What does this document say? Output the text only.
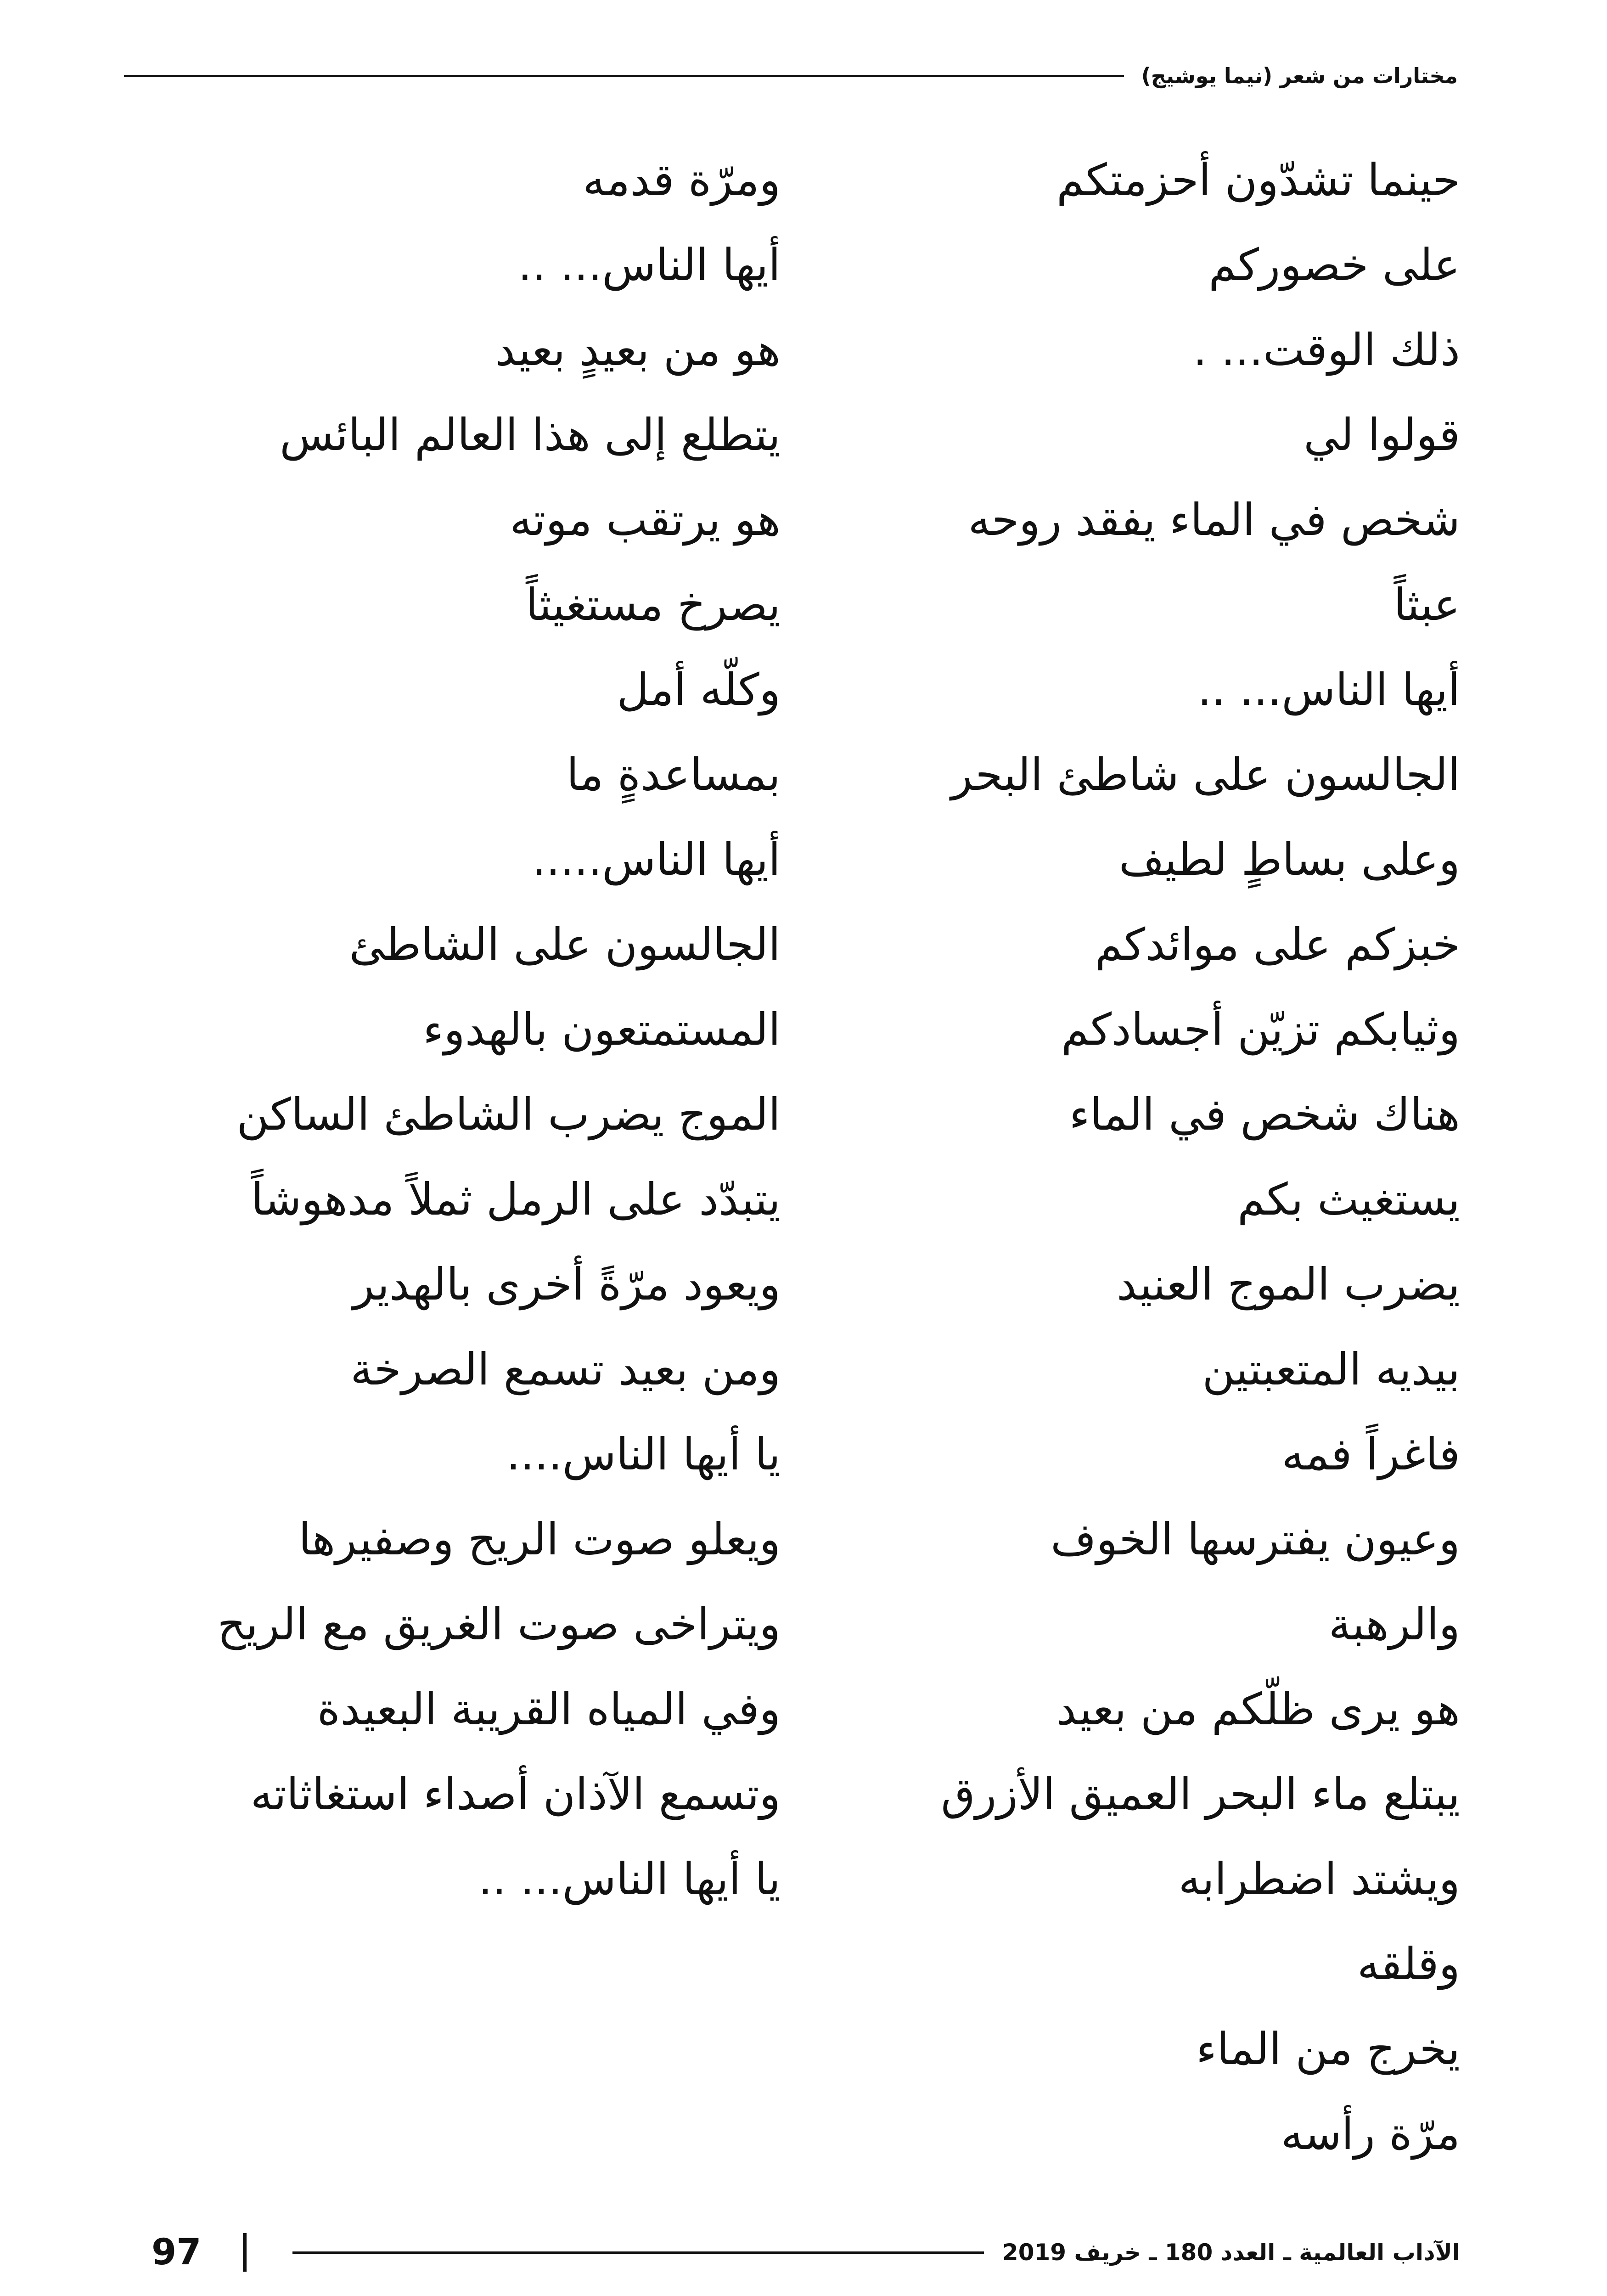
مختارات من شعر (نيما يوشيج)
حينما تشدّون أحزمتكم
على خصوركم
ذلك الوقت... .
قولوا لي
شخص في الماء يفقد روحه
عبثاً
أيها الناس... ..
الجالسون على شاطئ البحر
وعلى بساطٍ لطيف
خبزكم على موائدكم
وثيابكم تزيّن أجسادكم
هناك شخص في الماء
يستغيث بكم
يضرب الموج العنيد
بيديه المتعبتين
فاغراً فمه
وعيون يفترسها الخوف
والرهبة
هو يرى ظلّكم من بعيد
يبتلع ماء البحر العميق الأزرق
ويشتد اضطرابه
وقلقه
يخرج من الماء
مرّة رأسه
ومرّة قدمه
أيها الناس... ..
هو من بعيدٍ بعيد
يتطلع إلى هذا العالم البائس
هو يرتقب موته
يصرخ مستغيثاً
وكلّه أمل
بمساعدةٍ ما
أيها الناس.....
الجالسون على الشاطئ
المستمتعون بالهدوء
الموج يضرب الشاطئ الساكن
يتبدّد على الرمل ثملاً مدهوشاً
ويعود مرّةً أخرى بالهدير
ومن بعيد تسمع الصرخة
يا أيها الناس....
ويعلو صوت الريح وصفيرها
ويتراخى صوت الغريق مع الريح
وفي المياه القريبة البعيدة
وتسمع الآذان أصداء استغاثاته
يا أيها الناس... ..
97	الآداب العالمية ـ العدد 180 ـ خريف 2019
